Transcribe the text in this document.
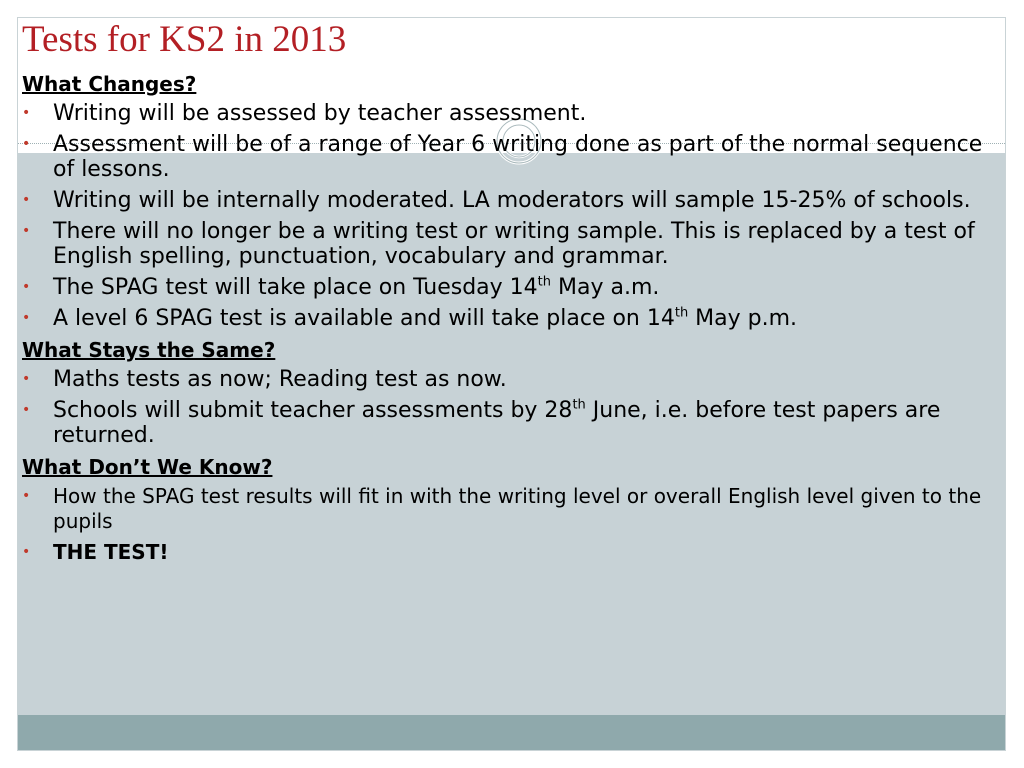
Tests for KS2 in 2013
What Changes?
• Writing will be assessed by teacher assessment.
• Assessment will be of a range of Year 6 writing done as part of the normal sequence of lessons.
• Writing will be internally moderated. LA moderators will sample 15-25% of schools.
• There will no longer be a writing test or writing sample. This is replaced by a test of English spelling, punctuation, vocabulary and grammar.
• The SPAG test will take place on Tuesday 14th May a.m.
• A level 6 SPAG test is available and will take place on 14th May p.m.
What Stays the Same?
• Maths tests as now; Reading test as now.
• Schools will submit teacher assessments by 28th June, i.e. before test papers are returned.
What Don’t We Know?
• How the SPAG test results will fit in with the writing level or overall English level given to the pupils
• THE TEST!
